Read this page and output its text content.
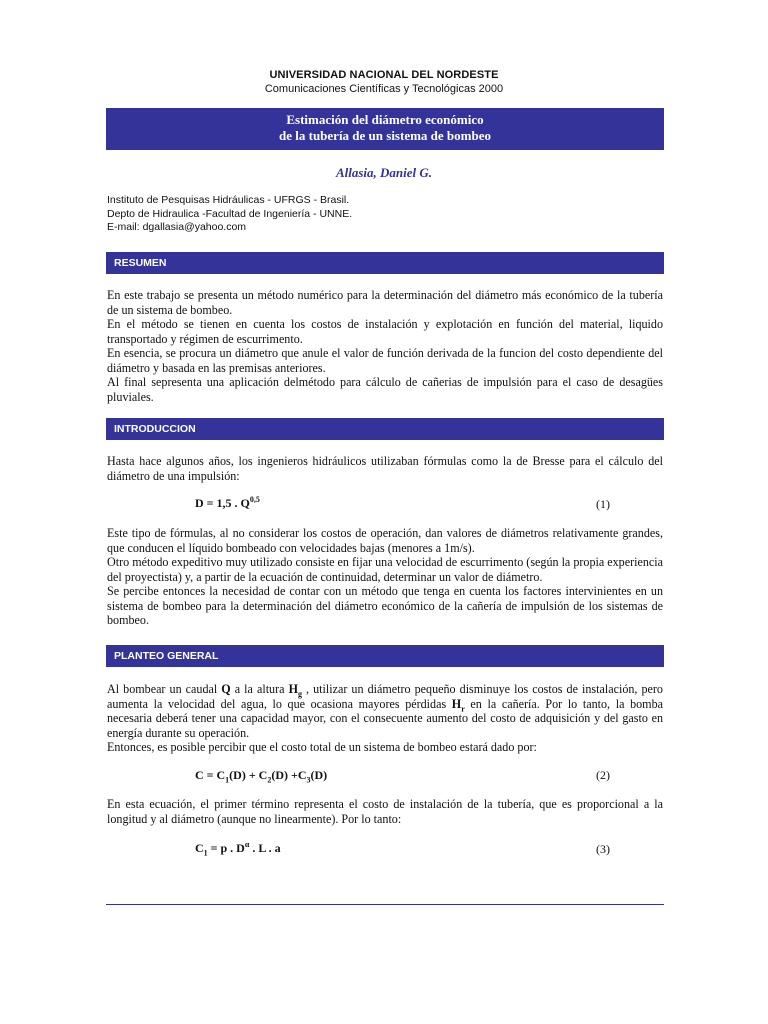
UNIVERSIDAD NACIONAL DEL NORDESTE
Comunicaciones Científicas y Tecnológicas 2000
Estimación del diámetro económico
de la tubería de un sistema de bombeo
Allasia, Daniel G.
Instituto de Pesquisas Hidráulicas - UFRGS - Brasil.
Depto de Hidraulica -Facultad de Ingeniería - UNNE.
E-mail: dgallasia@yahoo.com
RESUMEN

En este trabajo se presenta un método numérico para la determinación del diámetro más económico de la tubería de un sistema de bombeo.

En el método se tienen en cuenta los costos de instalación y explotación en función del material, liquido transportado y régimen de escurrimento.

En esencia, se procura un diámetro que anule el valor de función derivada de la funcion del costo dependiente del diámetro y basada en las premisas anteriores.

Al final sepresenta una aplicación delmétodo para cálculo de cañerias de impulsión para el caso de desagües pluviales.

INTRODUCCION
Hasta hace algunos años, los ingenieros hidráulicos utilizaban fórmulas como la de Bresse para el cálculo del diámetro de una impulsión:
D = 1,5 . Q$^{0,5}$	(1)

Este tipo de fórmulas, al no considerar los costos de operación, dan valores de diámetros relativamente grandes, que conducen el líquido bombeado con velocidades bajas (menores a 1m/s).

Otro método expeditivo muy utilizado consiste en fijar una velocidad de escurrimento (según la propia experiencia del proyectista) y, a partir de la ecuación de continuidad, determinar un valor de diámetro.

Se percibe entonces la necesidad de contar con un método que tenga en cuenta los factores intervinientes en un sistema de bombeo para la determinación del diámetro económico de la cañería de impulsión de los sistemas de bombeo.

PLANTEO GENERAL

Al bombear un caudal Q a la altura $H_g$ , utilizar un diámetro pequeño disminuye los costos de instalación, pero aumenta la velocidad del agua, lo que ocasiona mayores pérdidas $H_r$ en la cañería. Por lo tanto, la bomba necesaria deberá tener una capacidad mayor, con el consecuente aumento del costo de adquisición y del gasto en energía durante su operación.

Entonces, es posible percibir que el costo total de un sistema de bombeo estará dado por:

$C = C_1(D) + C_2(D) +C_3(D)$	(2)
En esta ecuación, el primer término representa el costo de instalación de la tubería, que es proporcional a la longitud y al diámetro (aunque no linearmente). Por lo tanto:
$C_1 = p$ . $D^\alpha$ . L . a	(3)
